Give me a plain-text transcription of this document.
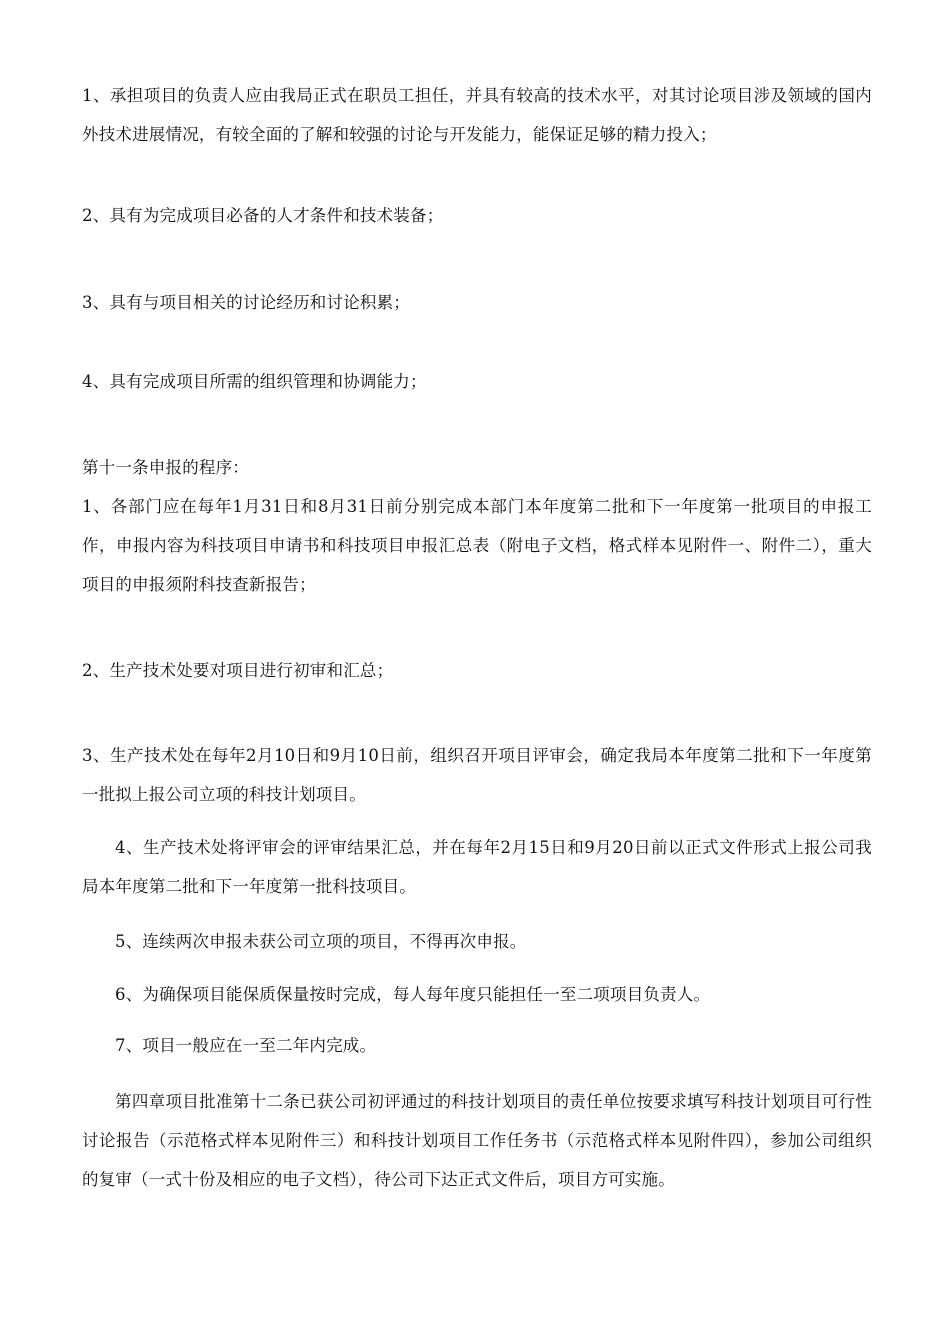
1、承担项目的负责人应由我局正式在职员工担任，并具有较高的技术水平，对其讨论项目涉及领域的国内外技术进展情况，有较全面的了解和较强的讨论与开发能力，能保证足够的精力投入；

2、具有为完成项目必备的人才条件和技术装备；

3、具有与项目相关的讨论经历和讨论积累；

4、具有完成项目所需的组织管理和协调能力；

第十一条申报的程序：

1、各部门应在每年1月31日和8月31日前分别完成本部门本年度第二批和下一年度第一批项目的申报工作，申报内容为科技项目申请书和科技项目申报汇总表（附电子文档，格式样本见附件一、附件二），重大项目的申报须附科技查新报告；

2、生产技术处要对项目进行初审和汇总；

3、生产技术处在每年2月10日和9月10日前，组织召开项目评审会，确定我局本年度第二批和下一年度第一批拟上报公司立项的科技计划项目。

4、生产技术处将评审会的评审结果汇总，并在每年2月15日和9月20日前以正式文件形式上报公司我局本年度第二批和下一年度第一批科技项目。

5、连续两次申报未获公司立项的项目，不得再次申报。

6、为确保项目能保质保量按时完成，每人每年度只能担任一至二项项目负责人。

7、项目一般应在一至二年内完成。

第四章项目批准第十二条已获公司初评通过的科技计划项目的责任单位按要求填写科技计划项目可行性讨论报告（示范格式样本见附件三）和科技计划项目工作任务书（示范格式样本见附件四），参加公司组织的复审（一式十份及相应的电子文档），待公司下达正式文件后，项目方可实施。
